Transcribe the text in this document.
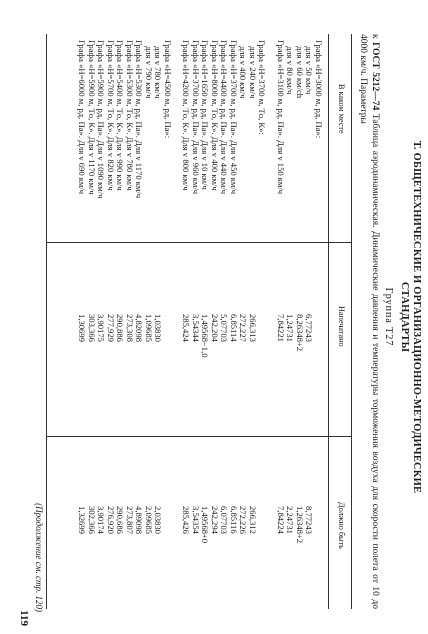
Т. ОБЩЕТЕХНИЧЕСКИЕ И ОРГАНИЗАЦИОННО-МЕТОДИЧЕСКИЕ
СТАНДАРТЫ
Группа Т27
к ГОСТ 5212—74 Таблица аэродинамическая. Динамические давления и температуры торможения воздуха для скорости полета от 10 до 4000 км/ч. Параметры
В каком месте
Напечатано
Должно быть
Графа «H=3000 м, pд, Па»:
для v 50 км/ч
6,77243
8,77243
для v 60 км/ch
8,26348+2
1,26348+2
для v 80 км/ч
1,24731
2,24731
Графа «H=3100 м, pд, Па». Для v 150 км/ч
7,84221
7,84224
Графа «H=3700 м, Tо, К»:
для v 240 км/ч
266,313
266,312
для v 400 км/ч
272,227
272,226
Графа «H=3700 м, pд, Па». Для v 450 км/ч
6,85114
6,85116
Графа «H=4400 м, pд, Па». Для v 440 км/ч
5,07703
6,07703
Графа «H=8000 м, Tо, К». Для v 400 км/ч
242,204
242,294
Графа «H=1650 м, pд, Па». Для v 10 км/ч
1,49568−1,0
1,49568+0
Графа «H=3700 м, pд, Па». Для v 960 км/ч
3,54344
3,54354
Графа «H=4200 м, Tо, К». Для v 800 км/ч
285,424
285,426
Графа «H=4500 м, pд, Па»:
для v 780 км/ч
1,03830
2,03830
для v 790 км/ч
1,09685
2,09685
Графа «H=5300 м, pд, Па». Для v 1170 км/ч
4,82098
4,89098
Графа «H=5300 м, Tо, К». Для v 780 км/ч
273,308
273,807
Графа «H=5400 м, Tо, К». Для v 990 км/ч
290,886
290,686
Графа «H=5700 м, Tо, К». Для v 820 км/ч
277,929
276,920
Графа «H=5900 м, pд, Па». Для v 1090 км/ч
3,90175
3,90174
Графа «H=5900 м, Tо, К». Для v 1170 км/ч
303,366
302,366
Графа «H=6000 м, pд, Па». Для v 690 км/ч
1,30699
1,32699
(Продолжение см. стр. 120)
119
